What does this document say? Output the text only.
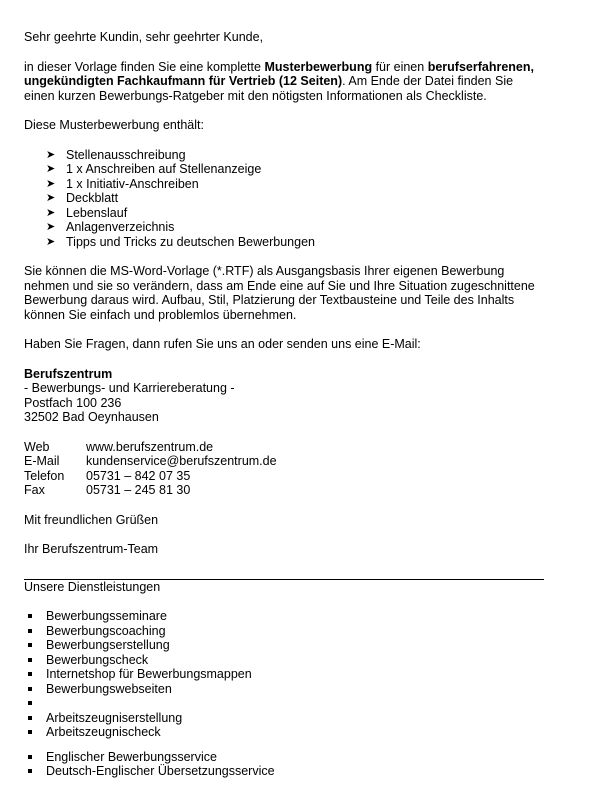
Sehr geehrte Kundin, sehr geehrter Kunde,

in dieser Vorlage finden Sie eine komplette Musterbewerbung für einen berufserfahrenen,
ungekündigten Fachkaufmann für Vertrieb (12 Seiten). Am Ende der Datei finden Sie
einen kurzen Bewerbungs-Ratgeber mit den nötigsten Informationen als Checkliste.

Diese Musterbewerbung enthält:

➤ Stellenausschreibung
➤ 1 x Anschreiben auf Stellenanzeige
➤ 1 x Initiativ-Anschreiben
➤ Deckblatt
➤ Lebenslauf
➤ Anlagenverzeichnis
➤ Tipps und Tricks zu deutschen Bewerbungen

Sie können die MS-Word-Vorlage (*.RTF) als Ausgangsbasis Ihrer eigenen Bewerbung
nehmen und sie so verändern, dass am Ende eine auf Sie und Ihre Situation zugeschnittene
Bewerbung daraus wird. Aufbau, Stil, Platzierung der Textbausteine und Teile des Inhalts
können Sie einfach und problemlos übernehmen.

Haben Sie Fragen, dann rufen Sie uns an oder senden uns eine E-Mail:

Berufszentrum

- Bewerbungs- und Karriereberatung -

Postfach 100 236

32502 Bad Oeynhausen

Web	www.berufszentrum.de
E-Mail	kundenservice@berufszentrum.de
Telefon	05731 – 842 07 35
Fax	05731 – 245 81 30

Mit freundlichen Grüßen

Ihr Berufszentrum-Team

Unsere Dienstleistungen

Bewerbungsseminare
Bewerbungscoaching
Bewerbungserstellung
Bewerbungscheck
Internetshop für Bewerbungsmappen
Bewerbungswebseiten
Arbeitszeugniserstellung
Arbeitszeugnischeck
Englischer Bewerbungsservice
Deutsch-Englischer Übersetzungsservice
